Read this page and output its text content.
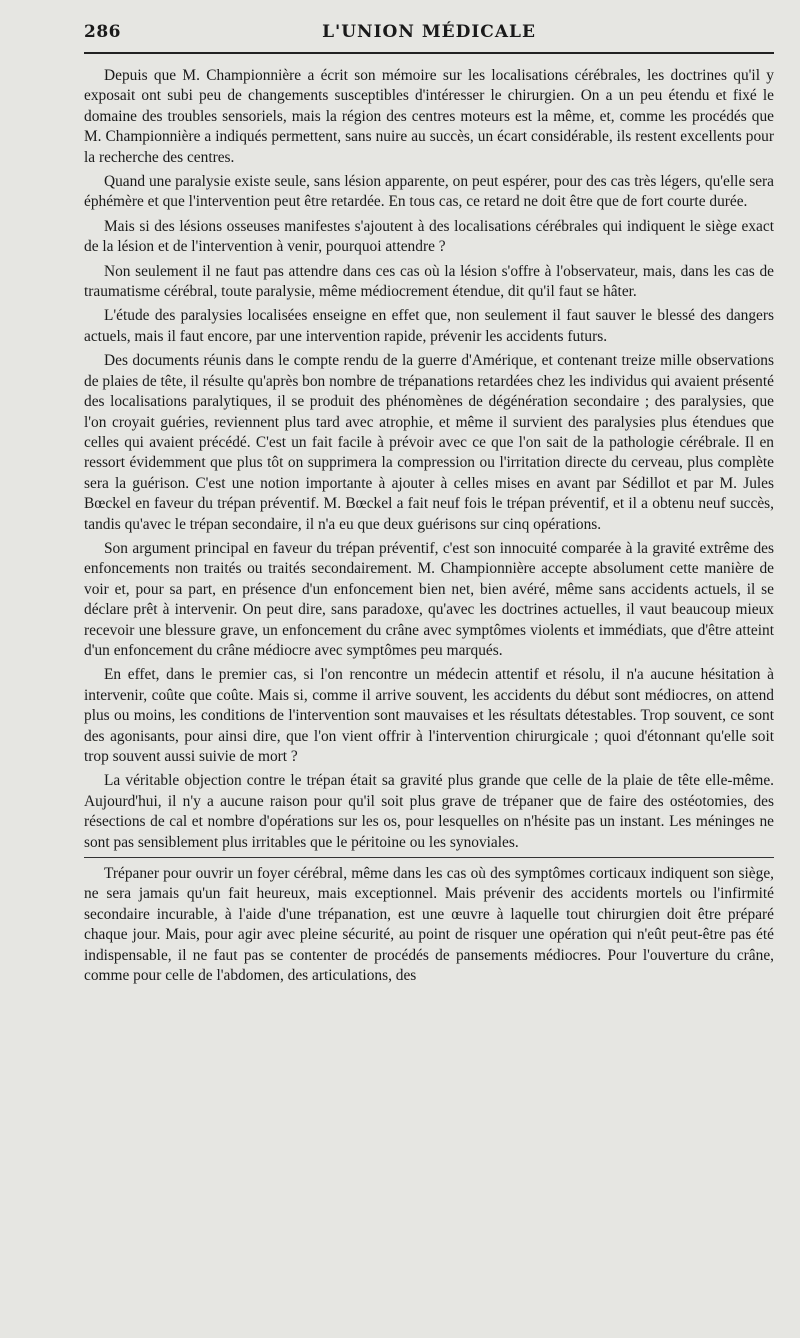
286	L'UNION MÉDICALE

Depuis que M. Championnière a écrit son mémoire sur les localisations cérébrales, les doctrines qu'il y exposait ont subi peu de changements susceptibles d'intéresser le chirurgien. On a un peu étendu et fixé le domaine des troubles sensoriels, mais la région des centres moteurs est la même, et, comme les procédés que M. Championnière a indiqués permettent, sans nuire au succès, un écart considérable, ils restent excellents pour la recherche des centres.

Quand une paralysie existe seule, sans lésion apparente, on peut espérer, pour des cas très légers, qu'elle sera éphémère et que l'intervention peut être retardée. En tous cas, ce retard ne doit être que de fort courte durée.

Mais si des lésions osseuses manifestes s'ajoutent à des localisations cérébrales qui indiquent le siège exact de la lésion et de l'intervention à venir, pourquoi attendre ?

Non seulement il ne faut pas attendre dans ces cas où la lésion s'offre à l'observateur, mais, dans les cas de traumatisme cérébral, toute paralysie, même médiocrement étendue, dit qu'il faut se hâter.

L'étude des paralysies localisées enseigne en effet que, non seulement il faut sauver le blessé des dangers actuels, mais il faut encore, par une intervention rapide, prévenir les accidents futurs.

Des documents réunis dans le compte rendu de la guerre d'Amérique, et contenant treize mille observations de plaies de tête, il résulte qu'après bon nombre de trépanations retardées chez les individus qui avaient présenté des localisations paralytiques, il se produit des phénomènes de dégénération secondaire ; des paralysies, que l'on croyait guéries, reviennent plus tard avec atrophie, et même il survient des paralysies plus étendues que celles qui avaient précédé. C'est un fait facile à prévoir avec ce que l'on sait de la pathologie cérébrale. Il en ressort évidemment que plus tôt on supprimera la compression ou l'irritation directe du cerveau, plus complète sera la guérison. C'est une notion importante à ajouter à celles mises en avant par Sédillot et par M. Jules Bœckel en faveur du trépan préventif. M. Bœckel a fait neuf fois le trépan préventif, et il a obtenu neuf succès, tandis qu'avec le trépan secondaire, il n'a eu que deux guérisons sur cinq opérations.

Son argument principal en faveur du trépan préventif, c'est son innocuité comparée à la gravité extrême des enfoncements non traités ou traités secondairement. M. Championnière accepte absolument cette manière de voir et, pour sa part, en présence d'un enfoncement bien net, bien avéré, même sans accidents actuels, il se déclare prêt à intervenir. On peut dire, sans paradoxe, qu'avec les doctrines actuelles, il vaut beaucoup mieux recevoir une blessure grave, un enfoncement du crâne avec symptômes violents et immédiats, que d'être atteint d'un enfoncement du crâne médiocre avec symptômes peu marqués.

En effet, dans le premier cas, si l'on rencontre un médecin attentif et résolu, il n'a aucune hésitation à intervenir, coûte que coûte. Mais si, comme il arrive souvent, les accidents du début sont médiocres, on attend plus ou moins, les conditions de l'intervention sont mauvaises et les résultats détestables. Trop souvent, ce sont des agonisants, pour ainsi dire, que l'on vient offrir à l'intervention chirurgicale ; quoi d'étonnant qu'elle soit trop souvent aussi suivie de mort ?

La véritable objection contre le trépan était sa gravité plus grande que celle de la plaie de tête elle-même. Aujourd'hui, il n'y a aucune raison pour qu'il soit plus grave de trépaner que de faire des ostéotomies, des résections de cal et nombre d'opérations sur les os, pour lesquelles on n'hésite pas un instant. Les méninges ne sont pas sensiblement plus irritables que le péritoine ou les synoviales.

Trépaner pour ouvrir un foyer cérébral, même dans les cas où des symptômes corticaux indiquent son siège, ne sera jamais qu'un fait heureux, mais exceptionnel. Mais prévenir des accidents mortels ou l'infirmité secondaire incurable, à l'aide d'une trépanation, est une œuvre à laquelle tout chirurgien doit être préparé chaque jour. Mais, pour agir avec pleine sécurité, au point de risquer une opération qui n'eût peut-être pas été indispensable, il ne faut pas se contenter de procédés de pansements médiocres. Pour l'ouverture du crâne, comme pour celle de l'abdomen, des articulations, des
